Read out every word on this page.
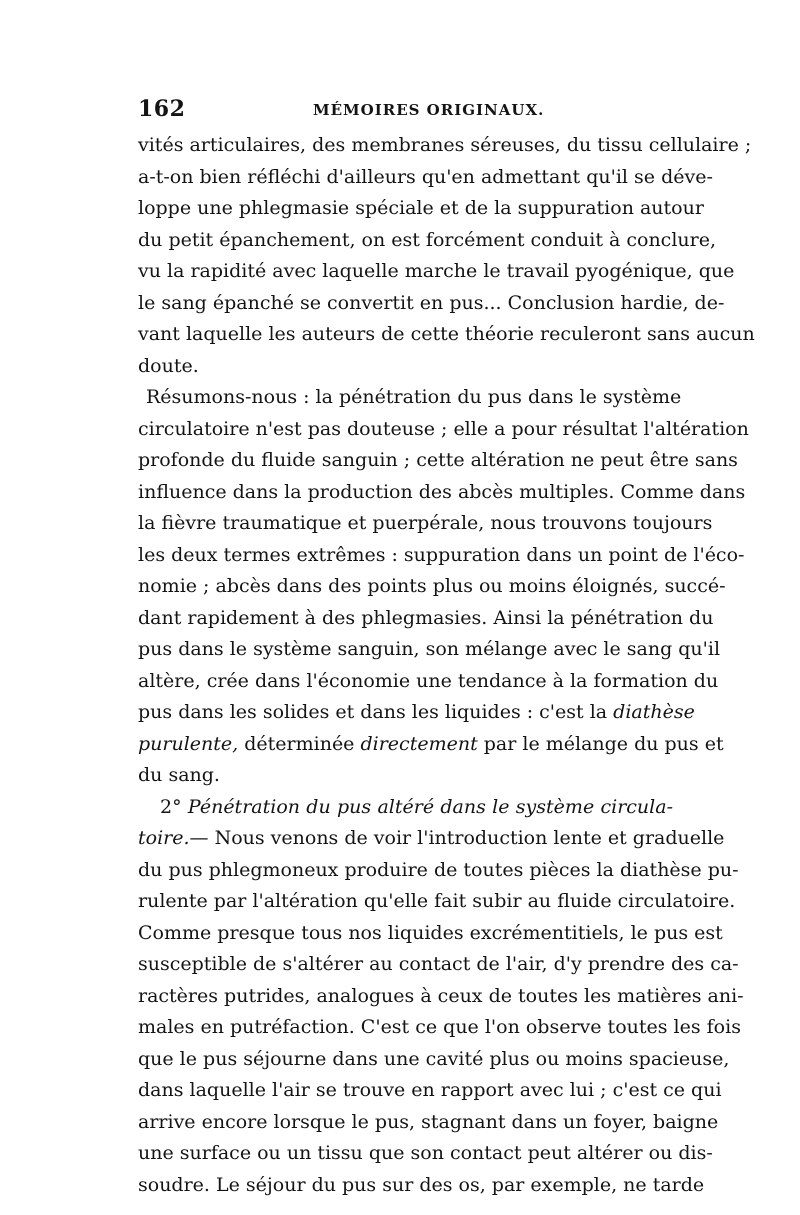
162	MÉMOIRES ORIGINAUX.
vités articulaires, des membranes séreuses, du tissu cellulaire ;
a-t-on bien réfléchi d'ailleurs qu'en admettant qu'il se déve-
loppe une phlegmasie spéciale et de la suppuration autour
du petit épanchement, on est forcément conduit à conclure,
vu la rapidité avec laquelle marche le travail pyogénique, que
le sang épanché se convertit en pus... Conclusion hardie, de-
vant laquelle les auteurs de cette théorie reculeront sans aucun
doute.
Résumons-nous : la pénétration du pus dans le système
circulatoire n'est pas douteuse ; elle a pour résultat l'altération
profonde du fluide sanguin ; cette altération ne peut être sans
influence dans la production des abcès multiples. Comme dans
la fièvre traumatique et puerpérale, nous trouvons toujours
les deux termes extrêmes : suppuration dans un point de l'éco-
nomie ; abcès dans des points plus ou moins éloignés, succé-
dant rapidement à des phlegmasies. Ainsi la pénétration du
pus dans le système sanguin, son mélange avec le sang qu'il
altère, crée dans l'économie une tendance à la formation du
pus dans les solides et dans les liquides : c'est la diathèse
purulente, déterminée directement par le mélange du pus et
du sang.
2° Pénétration du pus altéré dans le système circula-
toire.— Nous venons de voir l'introduction lente et graduelle
du pus phlegmoneux produire de toutes pièces la diathèse pu-
rulente par l'altération qu'elle fait subir au fluide circulatoire.
Comme presque tous nos liquides excrémentitiels, le pus est
susceptible de s'altérer au contact de l'air, d'y prendre des ca-
ractères putrides, analogues à ceux de toutes les matières ani-
males en putréfaction. C'est ce que l'on observe toutes les fois
que le pus séjourne dans une cavité plus ou moins spacieuse,
dans laquelle l'air se trouve en rapport avec lui ; c'est ce qui
arrive encore lorsque le pus, stagnant dans un foyer, baigne
une surface ou un tissu que son contact peut altérer ou dis-
soudre. Le séjour du pus sur des os, par exemple, ne tarde
